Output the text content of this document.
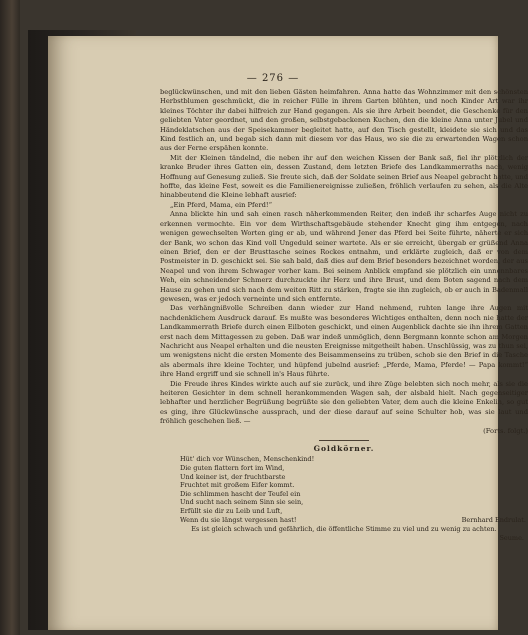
— 276 —

beglückwünschen, und mit den lieben Gästen heimfahren. Anna hatte das Wohnzimmer mit den schönsten Herbstblumen geschmückt, die in reicher Fülle in ihrem Garten blühten, und noch Kinder Art war ihr kleines Töchter ihr dabei hilfreich zur Hand gegangen. Als sie ihre Arbeit beendet, die Geschenke für den geliebten Vater geordnet, und den großen, selbstgebackenen Kuchen, den die kleine Anna unter Jubel und Händeklatschen aus der Speisekammer begleitet hatte, auf den Tisch gestellt, kleidete sie sich und das Kind festlich an, und begab sich dann mit diesem vor das Haus, wo sie die zu erwartenden Wagen schon aus der Ferne erspähen konnte.

Mit der Kleinen tändelnd, die neben ihr auf den weichen Kissen der Bank saß, fiel ihr plötzlich der kranke Bruder ihres Gatten ein, dessen Zustand, dem letzten Briefe des Landkammerraths nach, wenig Hoffnung auf Genesung zuließ. Sie freute sich, daß der Soldate seinen Brief aus Neapel gebracht hatte, und hoffte, das kleine Fest, soweit es die Familienereignisse zuließen, fröhlich verlaufen zu sehen, als die Alte hinabbeutend die Kleine lebhaft ausrief:

„Ein Pferd, Mama, ein Pferd!“

Anna blickte hin und sah einen rasch näherkommenden Reiter, den indeß ihr scharfes Auge nicht zu erkennen vermochte. Ein vor dem Wirthschaftsgebäude stehender Knecht ging ihm entgegen, nach wenigen gewechselten Worten ging er ab, und während Jener das Pferd bei Seite führte, näherte er sich der Bank, wo schon das Kind voll Ungeduld seiner wartete. Als er sie erreicht, übergab er grüßend Anna einen Brief, den er der Brusttasche seines Rockes entnahm, und erklärte zugleich, daß er von dem Postmeister in D. geschickt sei. Sie sah bald, daß dies auf dem Brief besonders bezeichnet worden, der aus Neapel und von ihrem Schwager vorher kam. Bei seinem Anblick empfand sie plötzlich ein unnennbares Weh, ein schneidender Schmerz durchzuckte ihr Herz und ihre Brust, und dem Boten sagend nach dem Hause zu gehen und sich nach dem weiten Ritt zu stärken, fragte sie ihn zugleich, ob er auch in Badenmall gewesen, was er jedoch verneinte und sich entfernte.

Das verhängnißvolle Schreiben dann wieder zur Hand nehmend, ruhten lange ihre Augen mit nachdenklichem Ausdruck darauf. Es mußte was besonderes Wichtiges enthalten, denn noch nie hatte der Landkammerrath Briefe durch einen Eilboten geschickt, und einen Augenblick dachte sie ihn ihrem Gatten erst nach dem Mittagessen zu geben. Daß war indeß unmöglich, denn Bergmann konnte schon am Morgen Nachricht aus Neapel erhalten und die neusten Ereignisse mitgetheilt haben. Unschlüssig, was zu thun sei, um wenigstens nicht die ersten Momente des Beisammenseins zu trüben, schob sie den Brief in die Tasche als abermals ihre kleine Tochter, und hüpfend jubelnd ausrief: „Pferde, Mama, Pferde! — Papa kommt!“ ihre Hand ergriff und sie schnell in's Haus führte.

Die Freude ihres Kindes wirkte auch auf sie zurück, und ihre Züge belebten sich noch mehr, als sie die heiteren Gesichter in dem schnell herankommenden Wagen sah, der alsbald hielt. Nach gegenseitiger lebhafter und herzlicher Begrüßung begrüßte sie den geliebten Vater, dem auch die kleine Enkelin, so gut es ging, ihre Glückwünsche aussprach, und der diese darauf auf seine Schulter hob, was sie laut und fröhlich geschehen ließ. —

(Forts. folgt.)
Goldkörner.
Hüt' dich vor Wünschen, Menschenkind!
Die guten flattern fort im Wind,
Und keiner ist, der fruchtbarste
Fruchtet mit großem Eifer kommt.
Die schlimmen hascht der Teufel ein
Und sucht nach seinem Sinn sie sein,
Erfüllt sie dir zu Leib und Luft,
Wenn du sie längst vergessen hast!	Bernhard Endrulat.
Es ist gleich schwach und gefährlich, die öffentliche Stimme zu viel und zu wenig zu achten.
Seume.
